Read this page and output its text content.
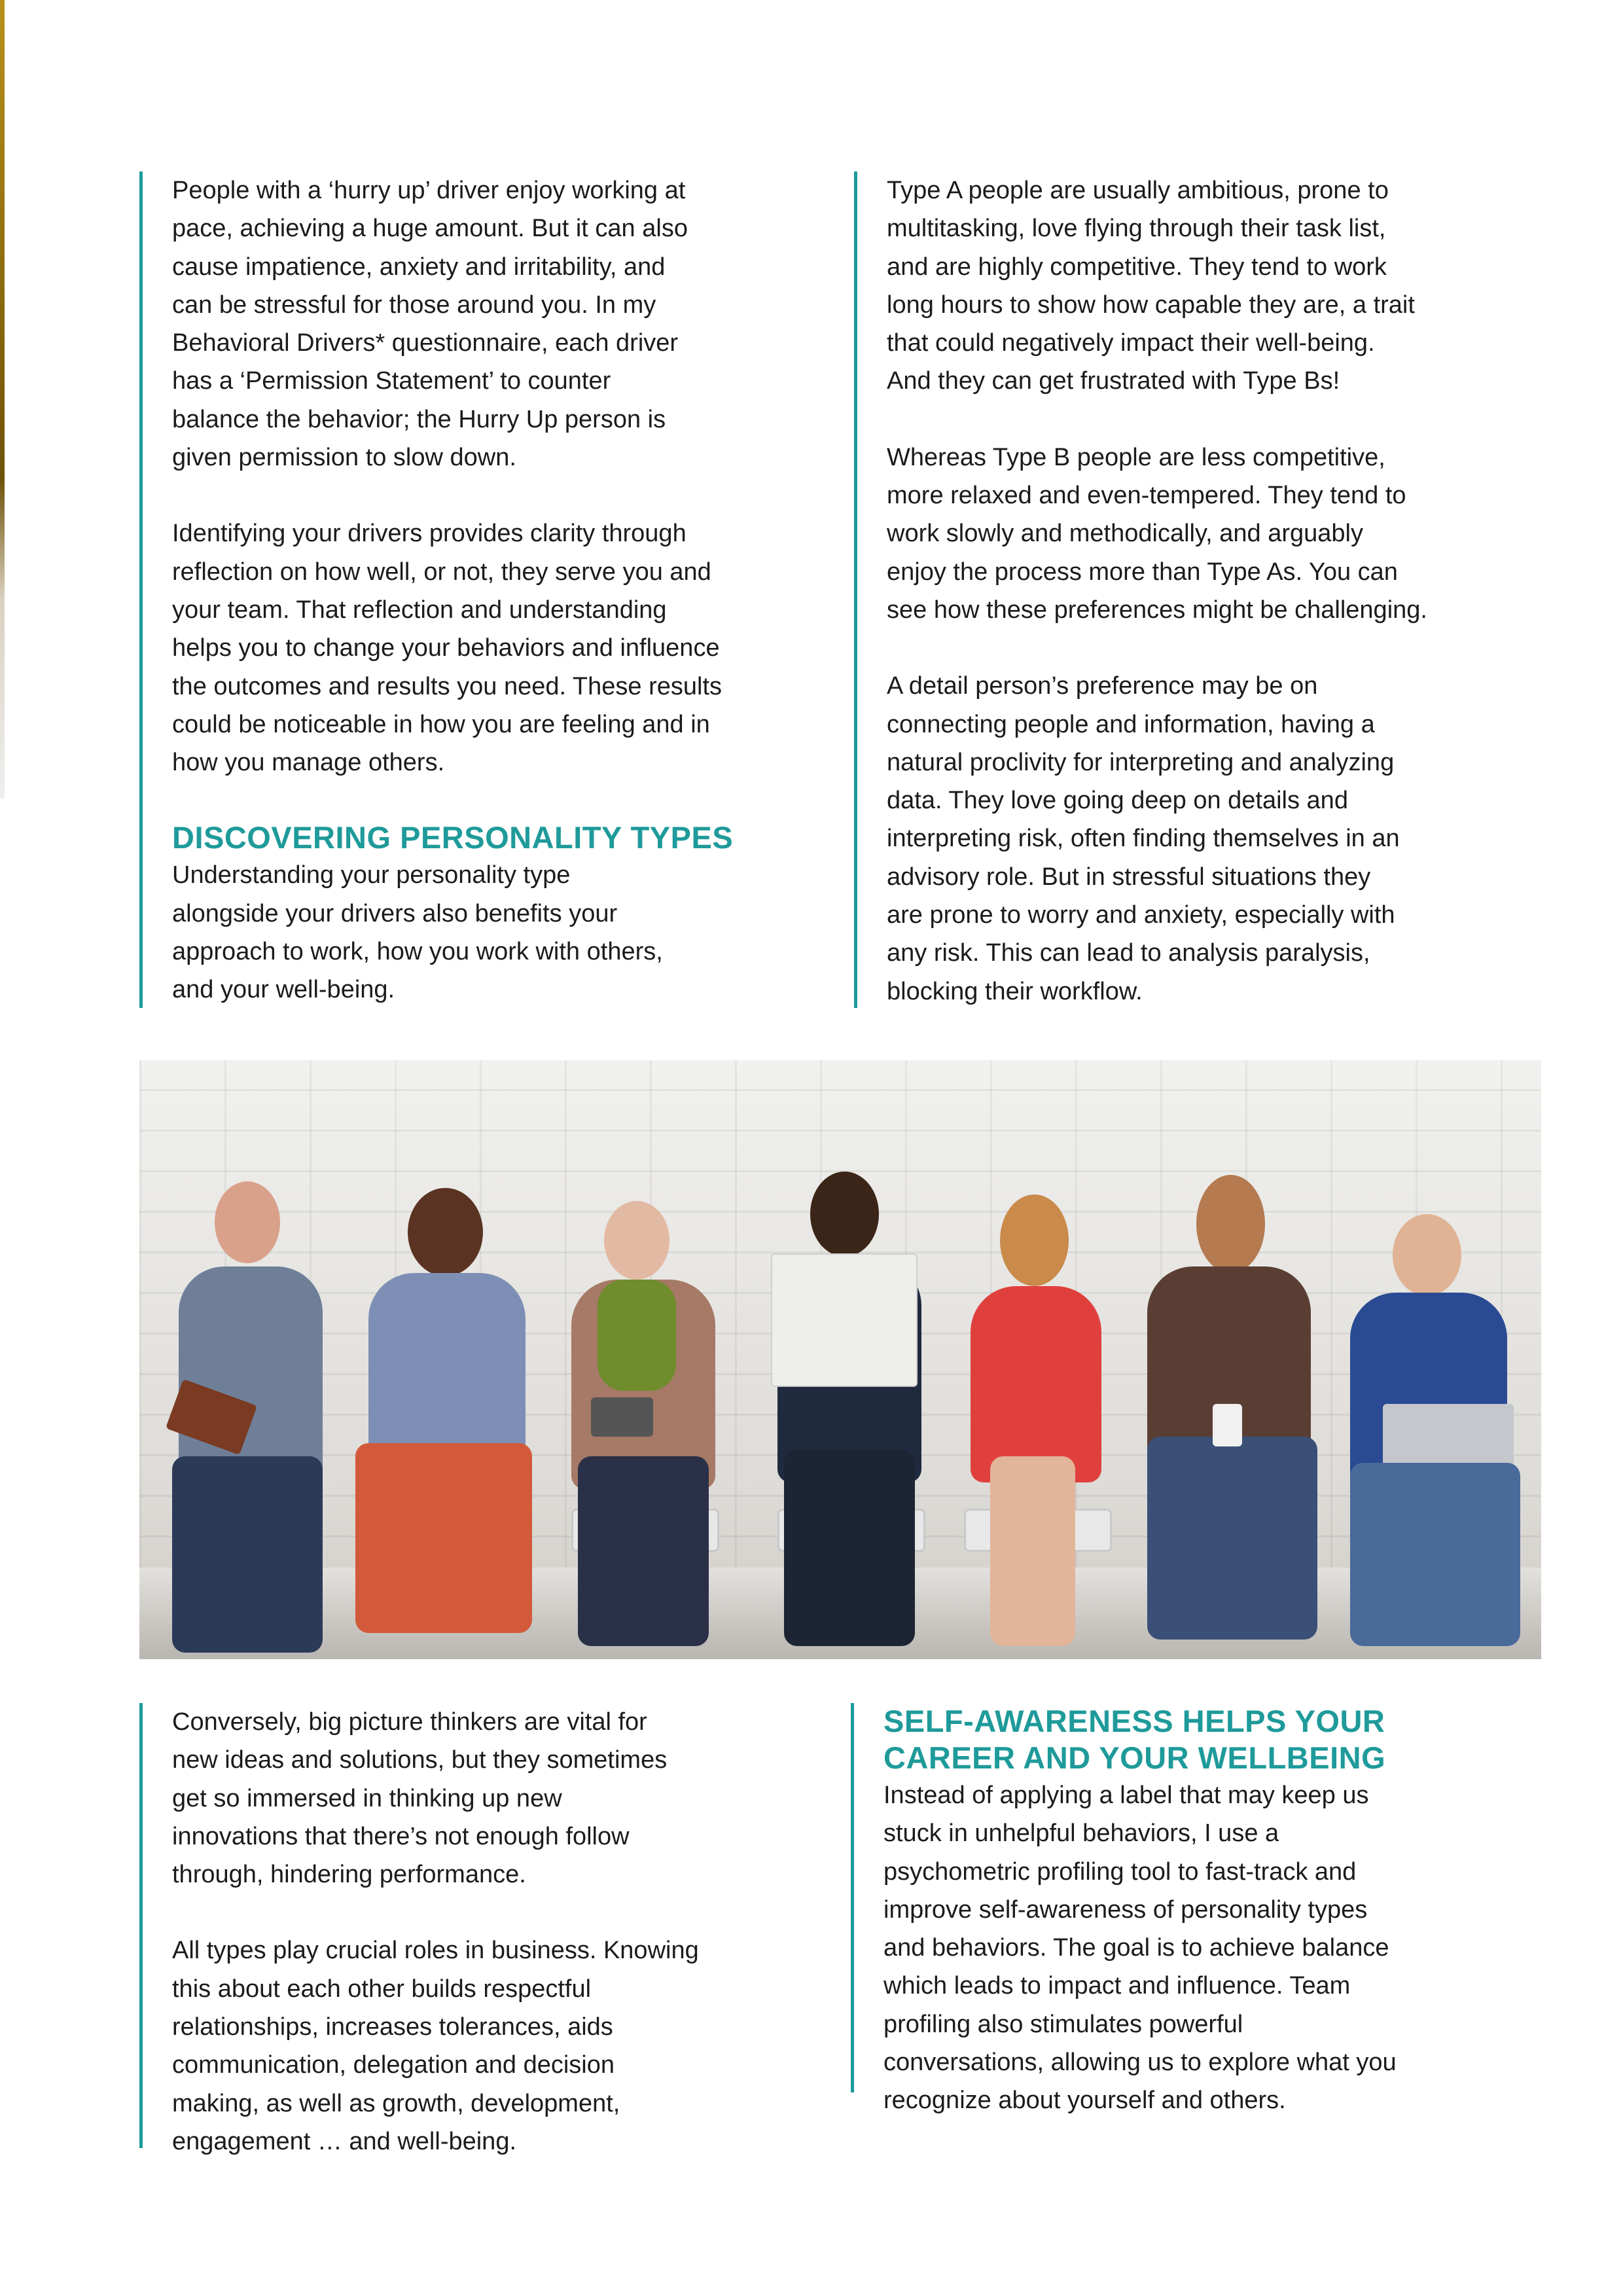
People with a ‘hurry up’ driver enjoy working at
pace, achieving a huge amount. But it can also
cause impatience, anxiety and irritability, and
can be stressful for those around you. In my
Behavioral Drivers* questionnaire, each driver
has a ‘Permission Statement’ to counter
balance the behavior; the Hurry Up person is
given permission to slow down.

Identifying your drivers provides clarity through
reflection on how well, or not, they serve you and
your team. That reflection and understanding
helps you to change your behaviors and influence
the outcomes and results you need. These results
could be noticeable in how you are feeling and in
how you manage others.

DISCOVERING PERSONALITY TYPES

Understanding your personality type
alongside your drivers also benefits your
approach to work, how you work with others,
and your well-being.

Type A people are usually ambitious, prone to
multitasking, love flying through their task list,
and are highly competitive. They tend to work
long hours to show how capable they are, a trait
that could negatively impact their well-being.
And they can get frustrated with Type Bs!

Whereas Type B people are less competitive,
more relaxed and even-tempered. They tend to
work slowly and methodically, and arguably
enjoy the process more than Type As. You can
see how these preferences might be challenging.

A detail person’s preference may be on
connecting people and information, having a
natural proclivity for interpreting and analyzing
data. They love going deep on details and
interpreting risk, often finding themselves in an
advisory role. But in stressful situations they
are prone to worry and anxiety, especially with
any risk. This can lead to analysis paralysis,
blocking their workflow.

Conversely, big picture thinkers are vital for
new ideas and solutions, but they sometimes
get so immersed in thinking up new
innovations that there’s not enough follow
through, hindering performance.

All types play crucial roles in business. Knowing
this about each other builds respectful
relationships, increases tolerances, aids
communication, delegation and decision
making, as well as growth, development,
engagement … and well-being.

SELF-AWARENESS HELPS YOUR
CAREER AND YOUR WELLBEING

Instead of applying a label that may keep us
stuck in unhelpful behaviors, I use a
psychometric profiling tool to fast-track and
improve self-awareness of personality types
and behaviors. The goal is to achieve balance
which leads to impact and influence. Team
profiling also stimulates powerful
conversations, allowing us to explore what you
recognize about yourself and others.
